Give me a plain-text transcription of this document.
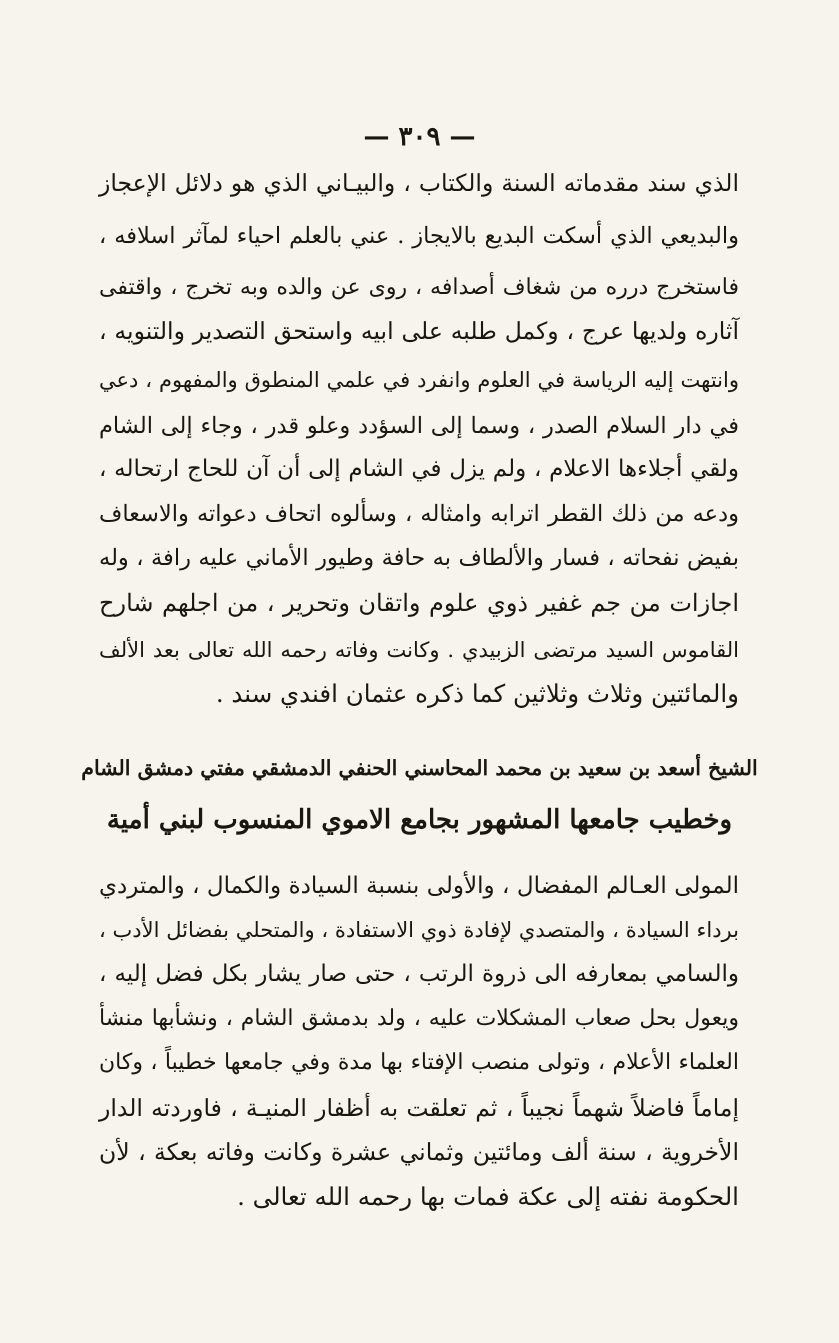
— ٣٠٩ —
الذي سند مقدماته السنة والكتاب ، والبيـاني الذي هو دلائل الإعجاز
والبديعي الذي أسكت البديع بالايجاز . عني بالعلم احياء لمآثر اسلافه ،
فاستخرج درره من شغاف أصدافه ، روى عن والده وبه تخرج ، واقتفى
آثاره ولديها عرج ، وكمل طلبه على ابيه واستحق التصدير والتنويه ،
وانتهت إليه الرياسة في العلوم وانفرد في علمي المنطوق والمفهوم ، دعي
في دار السلام الصدر ، وسما إلى السؤدد وعلو قدر ، وجاء إلى الشام
ولقي أجلاءها الاعلام ، ولم يزل في الشام إلى أن آن للحاج ارتحاله ،
ودعه من ذلك القطر اترابه وامثاله ، وسألوه اتحاف دعواته والاسعاف
بفيض نفحاته ، فسار والألطاف به حافة وطيور الأماني عليه رافة ، وله
اجازات من جم غفير ذوي علوم واتقان وتحرير ، من اجلهم شارح
القاموس السيد مرتضى الزبيدي . وكانت وفاته رحمه الله تعالى بعد الألف
والمائتين وثلاث وثلاثين كما ذكره عثمان افندي سند .
الشيخ أسعد بن سعيد بن محمد المحاسني الحنفي الدمشقي مفتي دمشق الشام
وخطيب جامعها المشهور بجامع الاموي المنسوب لبني أمية
المولى العـالم المفضال ، والأولى بنسبة السيادة والكمال ، والمتردي
برداء السيادة ، والمتصدي لإفادة ذوي الاستفادة ، والمتحلي بفضائل الأدب ،
والسامي بمعارفه الى ذروة الرتب ، حتى صار يشار بكل فضل إليه ،
ويعول بحل صعاب المشكلات عليه ، ولد بدمشق الشام ، ونشأبها منشأ
العلماء الأعلام ، وتولى منصب الإفتاء بها مدة وفي جامعها خطيباً ، وكان
إماماً فاضلاً شهماً نجيباً ، ثم تعلقت به أظفار المنيـة ، فاوردته الدار
الأخروية ، سنة ألف ومائتين وثماني عشرة وكانت وفاته بعكة ، لأن
الحكومة نفته إلى عكة فمات بها رحمه الله تعالى .
